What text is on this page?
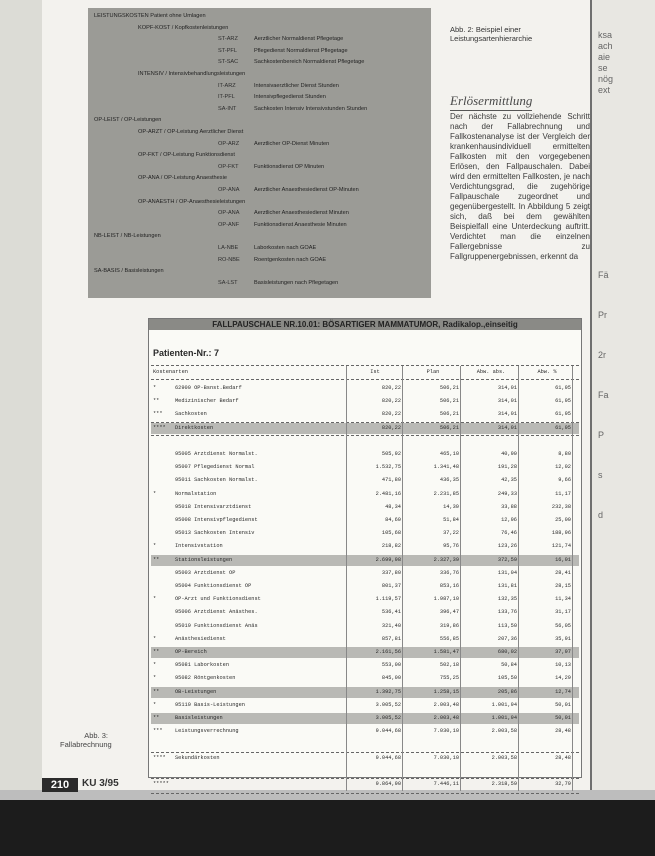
ksa
ach
aie
se
nög
ext
Fä
Pr
2r
Fa
P
s
d
LEISTUNGSKOSTEN Patient ohne Umlagen
KOPF-KOST / Kopfkostenleistungen
ST-ARZ	Aerztlicher Normaldienst Pflegetage
ST-PFL	Pflegedienst Normaldienst Pflegetage
ST-SAC	Sachkostenbereich Normaldienst Pflegetage
INTENSIV / Intensivbehandlungsleistungen
IT-ARZ	Intensivaerztlicher Dienst Stunden
IT-PFL	Intensivpflegedienst Stunden
SA-INT	Sachkosten Intensiv Intensivstunden Stunden
OP-LEIST / OP-Leistungen
OP-ARZT / OP-Leistung Aerztlicher Dienst
OP-ARZ	Aerztlicher OP-Dienst Minuten
OP-FKT / OP-Leistung Funktionsdienst
OP-FKT	Funktionsdienst OP Minuten
OP-ANA / OP-Leistung Anaesthesie
OP-ANA	Aerztlicher Anaesthesiedienst OP-Minuten
OP-ANAESTH / OP-Anaesthesieleistungen
OP-ANA	Aerztlicher Anaesthesiedienst Minuten
OP-ANF	Funktionsdienst Anaesthesie Minuten
NB-LEIST / NB-Leistungen
LA-NBE	Laborkosten nach GOAE
RO-NBE	Roentgenkosten nach GOAE
SA-BASIS / Basisleistungen
SA-LST	Basisleistungen nach Pflegetagen
Abb. 2: Beispiel einer Leistungsartenhierarchie
Erlösermittlung
Der nächste zu vollziehende Schritt nach der Fallabrechnung und Fallkostenanalyse ist der Vergleich der krankenhausindividuell ermittelten Fallkosten mit den vorgegebenen Erlösen, den Fallpauschalen. Dabei wird den ermittelten Fallkosten, je nach Verdichtungsgrad, die zugehörige Fallpauschale zugeordnet und gegenübergestellt. In Abbildung 5 zeigt sich, daß bei dem gewählten Beispielfall eine Unterdeckung auftritt. Verdichtet man die einzelnen Fallergebnisse zu Fallgruppenergebnissen, erkennt da
FALLPAUSCHALE NR.10.01: BÖSARTIGER MAMMATUMOR, Radikalop.,einseitig
Patienten-Nr.: 7
Kostenarten	Ist	Plan	Abw. abs.	Abw. %
*	62900 OP-Bsnst.Bedarf	820,22	506,21	314,01	61,95
**	Medizinischer Bedarf	820,22	506,21	314,01	61,95
***	Sachkosten	820,22	506,21	314,01	61,95
****	Direktkosten	820,22	506,21	314,01	61,95
95005 Arztdienst Normalst.	505,92	465,10	40,90	8,80
95007 Pflegedienst Normal	1.532,75	1.341,48	191,28	12,02
95011 Sachkosten Normalst.	471,80	436,35	42,35	9,66
*	Normalstation	2.481,16	2.231,85	249,33	11,17
95018 Intensivarztdienst	48,34	14,30	33,88	232,38
95008 Intensivpflegedienst	84,60	51,84	12,96	25,00
95013 Sachkosten Intensiv	105,68	37,22	76,46	188,96
*	Intensivstation	218,82	95,76	123,26	121,74
**	Stationsleistungen	2.699,98	2.327,39	372,59	16,01
95003 Arztdienst OP	337,80	336,76	131,04	28,41
95004 Funktionsdienst OP	801,37	853,16	131,81	28,15
*	OP-Arzt und Funktionsdienst	1.119,57	1.987,10	132,35	11,34
95006 Arztdienst Anästhes.	536,41	396,47	133,76	31,17
95019 Funktionsdienst Anäs	321,40	319,86	113,50	56,05
*	Anästhesiedienst	857,81	556,85	207,36	35,91
**	OP-Bereich	2.161,56	1.581,47	680,02	37,97
*	95081 Laborkosten	553,00	502,18	50,84	10,13
*	95082 Röntgenkosten	845,00	755,25	105,50	14,29
**	OB-Leistungen	1.392,75	1.258,15	205,86	12,74
*	95110 Basis-Leistungen	3.005,52	2.003,48	1.001,94	50,01
**	Basisleistungen	3.005,52	2.003,48	1.001,94	50,01
***	Leistungsverrechnung	9.044,68	7.030,10	2.003,58	28,48
****	Sekundärkosten	9.044,68	7.030,10	2.003,58	28,48
*****	9.864,90	7.446,11	2.318,59	32,79
Abb. 3: Fallabrechnung
210	KU 3/95
